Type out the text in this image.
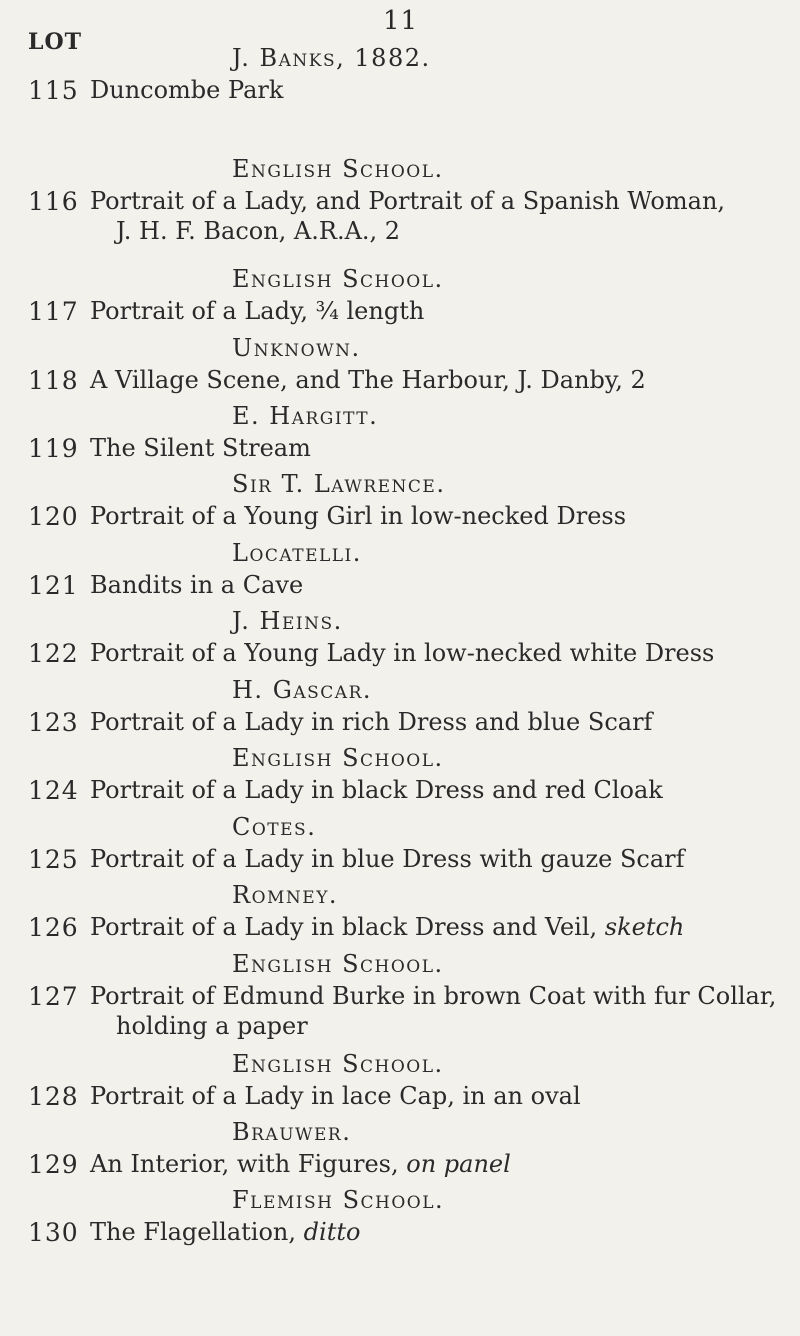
11
LOT
J. Banks, 1882.
115 Duncombe Park
English School.
116 Portrait of a Lady, and Portrait of a Spanish Woman,
J. H. F. Bacon, A.R.A., 2
English School.
117 Portrait of a Lady, ¾ length
Unknown.
118 A Village Scene, and The Harbour, J. Danby, 2
E. Hargitt.
119 The Silent Stream
Sir T. Lawrence.
120 Portrait of a Young Girl in low-necked Dress
Locatelli.
121 Bandits in a Cave
J. Heins.
122 Portrait of a Young Lady in low-necked white Dress
H. Gascar.
123 Portrait of a Lady in rich Dress and blue Scarf
English School.
124 Portrait of a Lady in black Dress and red Cloak
Cotes.
125 Portrait of a Lady in blue Dress with gauze Scarf
Romney.
126 Portrait of a Lady in black Dress and Veil, sketch
English School.
127 Portrait of Edmund Burke in brown Coat with fur Collar,
holding a paper
English School.
128 Portrait of a Lady in lace Cap, in an oval
Brauwer.
129 An Interior, with Figures, on panel
Flemish School.
130 The Flagellation, ditto
